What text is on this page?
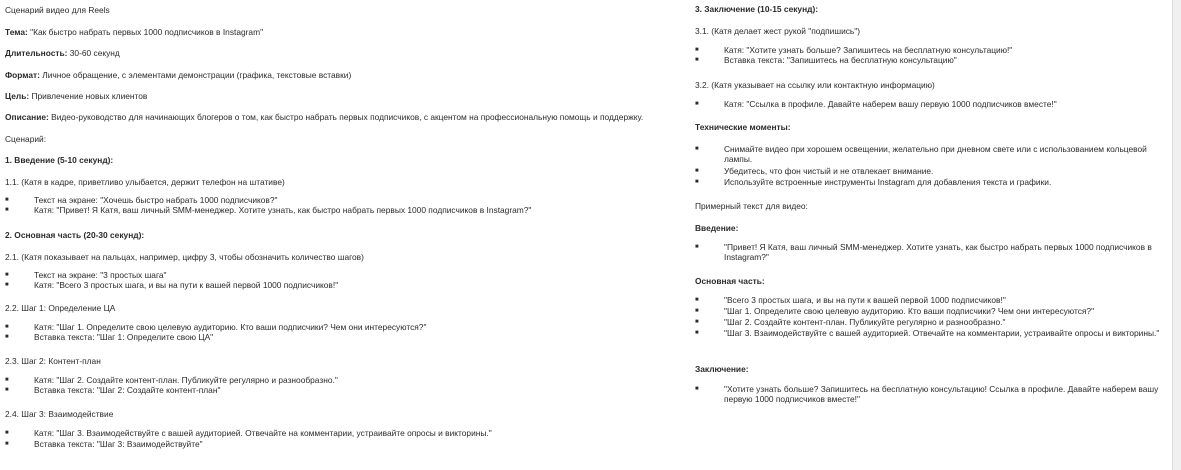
Сценарий видео для Reels
Тема: "Как быстро набрать первых 1000 подписчиков в Instagram"
Длительность: 30-60 секунд
Формат: Личное обращение, с элементами демонстрации (графика, текстовые вставки)
Цель: Привлечение новых клиентов
Описание: Видео-руководство для начинающих блогеров о том, как быстро набрать первых подписчиков, с акцентом на профессиональную помощь и поддержку.
Сценарий:
1. Введение (5-10 секунд):
1.1. (Катя в кадре, приветливо улыбается, держит телефон на штативе)
■	Текст на экране: "Хочешь быстро набрать 1000 подписчиков?"
■	Катя: "Привет! Я Катя, ваш личный SMM-менеджер. Хотите узнать, как быстро набрать первых 1000 подписчиков в Instagram?"
2. Основная часть (20-30 секунд):
2.1. (Катя показывает на пальцах, например, цифру 3, чтобы обозначить количество шагов)
■	Текст на экране: "3 простых шага"
■	Катя: "Всего 3 простых шага, и вы на пути к вашей первой 1000 подписчиков!"
2.2. Шаг 1: Определение ЦА
■	Катя: "Шаг 1. Определите свою целевую аудиторию. Кто ваши подписчики? Чем они интересуются?"
■	Вставка текста: "Шаг 1: Определите свою ЦА"
2.3. Шаг 2: Контент-план
■	Катя: "Шаг 2. Создайте контент-план. Публикуйте регулярно и разнообразно."
■	Вставка текста: "Шаг 2: Создайте контент-план"
2.4. Шаг 3: Взаимодействие
■	Катя: "Шаг 3. Взаимодействуйте с вашей аудиторией. Отвечайте на комментарии, устраивайте опросы и викторины."
■	Вставка текста: "Шаг 3: Взаимодействуйте"
3. Заключение (10-15 секунд):
3.1. (Катя делает жест рукой "подпишись")
■	Катя: "Хотите узнать больше? Запишитесь на бесплатную консультацию!"
■	Вставка текста: "Запишитесь на бесплатную консультацию"
3.2. (Катя указывает на ссылку или контактную информацию)
■	Катя: "Ссылка в профиле. Давайте наберем вашу первую 1000 подписчиков вместе!"
Технические моменты:
■	Снимайте видео при хорошем освещении, желательно при дневном свете или с использованием кольцевой лампы.
■	Убедитесь, что фон чистый и не отвлекает внимание.
■	Используйте встроенные инструменты Instagram для добавления текста и графики.
Примерный текст для видео:
Введение:
■	"Привет! Я Катя, ваш личный SMM-менеджер. Хотите узнать, как быстро набрать первых 1000 подписчиков в Instagram?"
Основная часть:
■	"Всего 3 простых шага, и вы на пути к вашей первой 1000 подписчиков!"
■	"Шаг 1. Определите свою целевую аудиторию. Кто ваши подписчики? Чем они интересуются?"
■	"Шаг 2. Создайте контент-план. Публикуйте регулярно и разнообразно."
■	"Шаг 3. Взаимодействуйте с вашей аудиторией. Отвечайте на комментарии, устраивайте опросы и викторины."
Заключение:
■	"Хотите узнать больше? Запишитесь на бесплатную консультацию! Ссылка в профиле. Давайте наберем вашу первую 1000 подписчиков вместе!"
